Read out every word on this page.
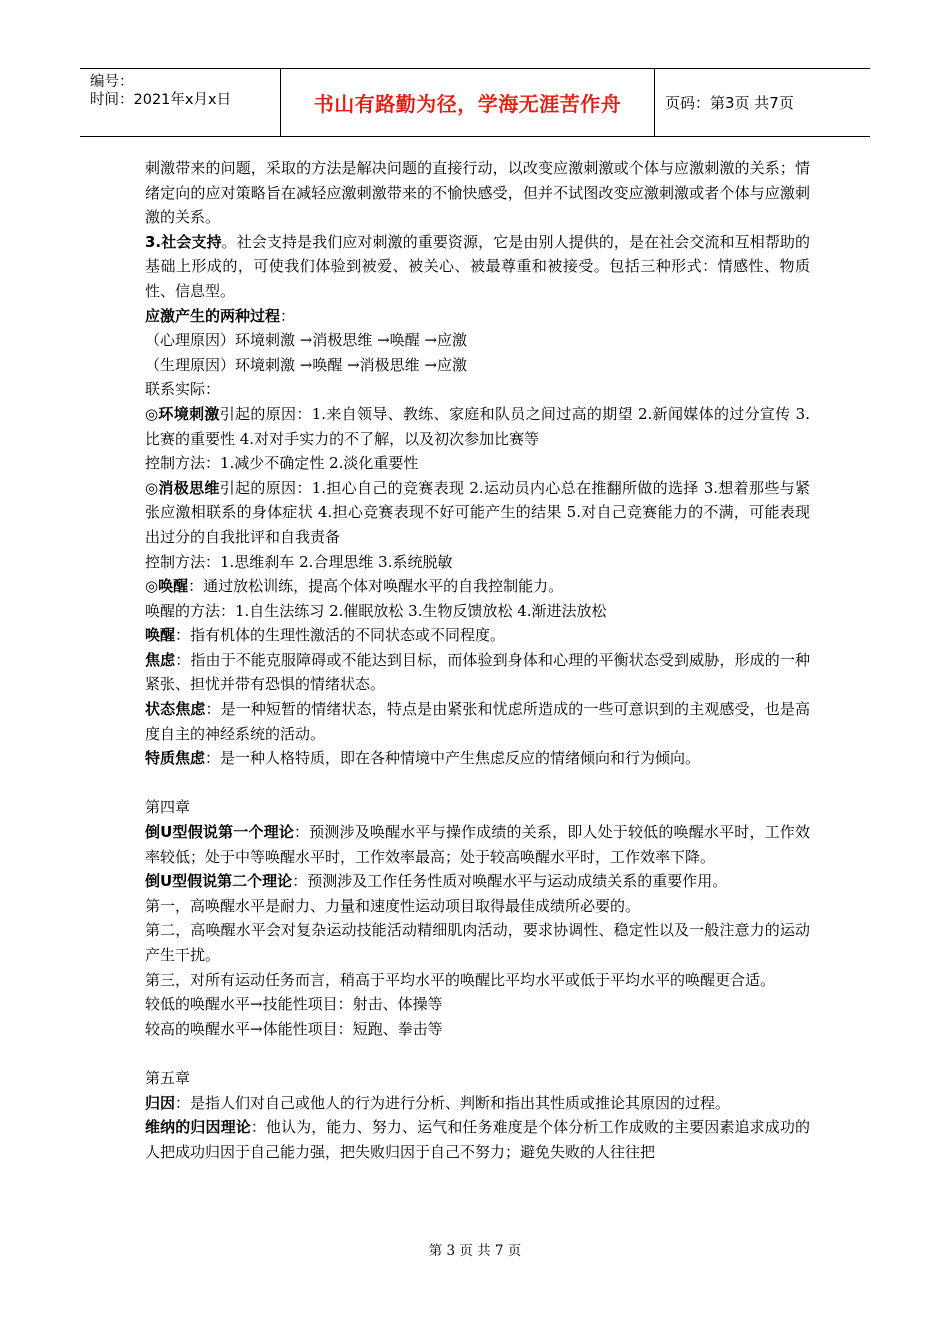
编号：
时间：2021年x月x日	书山有路勤为径，学海无涯苦作舟	页码：第3页 共7页

刺激带来的问题，采取的方法是解决问题的直接行动，以改变应激刺激或个体与应激刺激的关系；情绪定向的应对策略旨在减轻应激刺激带来的不愉快感受，但并不试图改变应激刺激或者个体与应激刺激的关系。

3.社会支持。社会支持是我们应对刺激的重要资源，它是由别人提供的，是在社会交流和互相帮助的基础上形成的，可使我们体验到被爱、被关心、被最尊重和被接受。包括三种形式：情感性、物质性、信息型。

应激产生的两种过程：

（心理原因）环境刺激 →消极思维 →唤醒 →应激

（生理原因）环境刺激 →唤醒 →消极思维 →应激

联系实际：

◎环境刺激引起的原因：1.来自领导、教练、家庭和队员之间过高的期望 2.新闻媒体的过分宣传 3.比赛的重要性 4.对对手实力的不了解，以及初次参加比赛等

控制方法：1.减少不确定性 2.淡化重要性

◎消极思维引起的原因：1.担心自己的竞赛表现 2.运动员内心总在推翻所做的选择 3.想着那些与紧张应激相联系的身体症状 4.担心竞赛表现不好可能产生的结果 5.对自己竞赛能力的不满，可能表现出过分的自我批评和自我责备

控制方法：1.思维刹车 2.合理思维 3.系统脱敏

◎唤醒：通过放松训练，提高个体对唤醒水平的自我控制能力。

唤醒的方法：1.自生法练习 2.催眠放松 3.生物反馈放松 4.渐进法放松

唤醒：指有机体的生理性激活的不同状态或不同程度。

焦虑：指由于不能克服障碍或不能达到目标，而体验到身体和心理的平衡状态受到威胁，形成的一种紧张、担忧并带有恐惧的情绪状态。

状态焦虑：是一种短暂的情绪状态，特点是由紧张和忧虑所造成的一些可意识到的主观感受，也是高度自主的神经系统的活动。

特质焦虑：是一种人格特质，即在各种情境中产生焦虑反应的情绪倾向和行为倾向。

第四章

倒U型假说第一个理论：预测涉及唤醒水平与操作成绩的关系，即人处于较低的唤醒水平时，工作效率较低；处于中等唤醒水平时，工作效率最高；处于较高唤醒水平时，工作效率下降。

倒U型假说第二个理论：预测涉及工作任务性质对唤醒水平与运动成绩关系的重要作用。

第一，高唤醒水平是耐力、力量和速度性运动项目取得最佳成绩所必要的。

第二，高唤醒水平会对复杂运动技能活动精细肌肉活动，要求协调性、稳定性以及一般注意力的运动产生干扰。

第三，对所有运动任务而言，稍高于平均水平的唤醒比平均水平或低于平均水平的唤醒更合适。

较低的唤醒水平→技能性项目：射击、体操等

较高的唤醒水平→体能性项目：短跑、拳击等

第五章

归因：是指人们对自己或他人的行为进行分析、判断和指出其性质或推论其原因的过程。

维纳的归因理论：他认为，能力、努力、运气和任务难度是个体分析工作成败的主要因素追求成功的人把成功归因于自己能力强，把失败归因于自己不努力；避免失败的人往往把

第 3 页 共 7 页
